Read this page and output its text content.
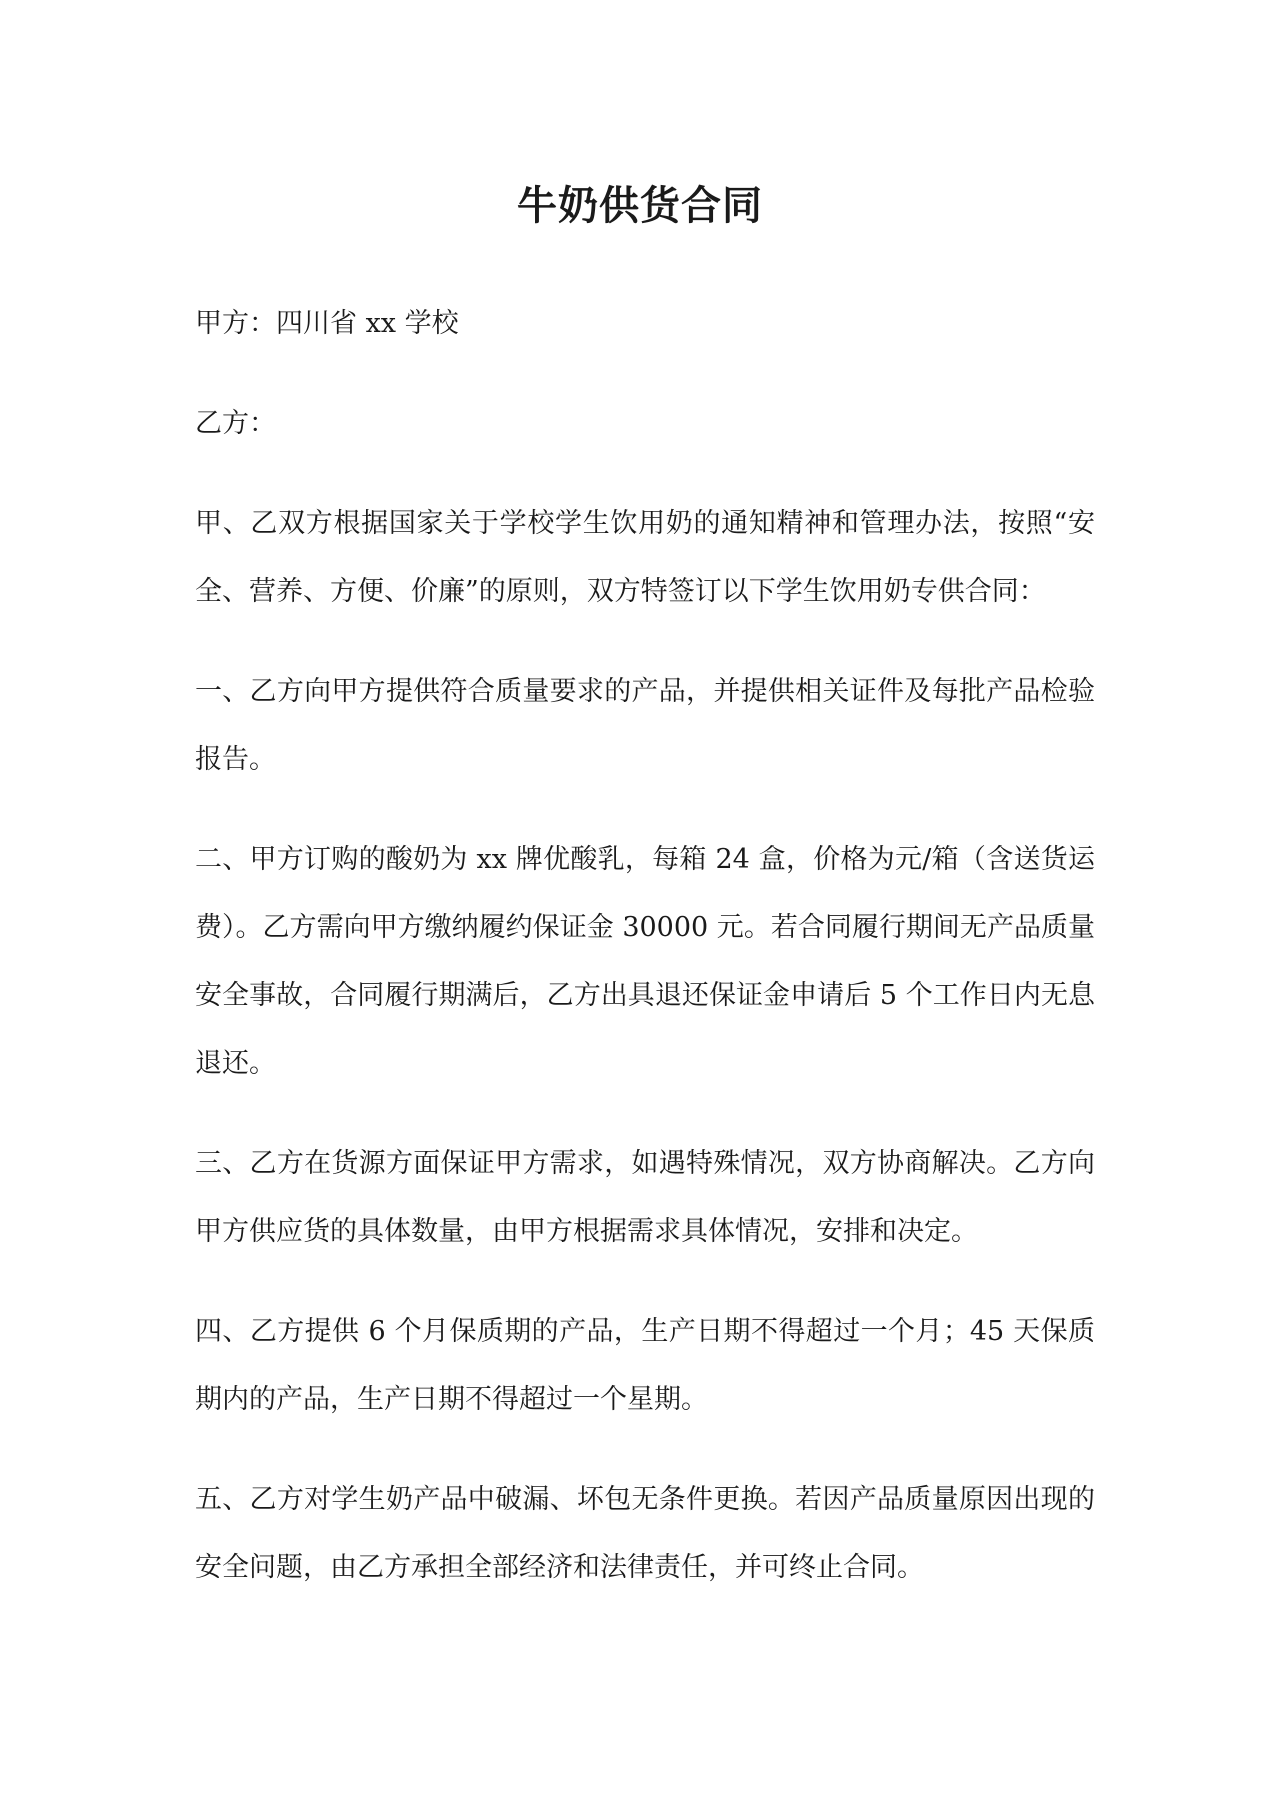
牛奶供货合同

甲方：四川省 xx 学校

乙方：

甲、乙双方根据国家关于学校学生饮用奶的通知精神和管理办法，按照“安全、营养、方便、价廉”的原则，双方特签订以下学生饮用奶专供合同：

一、乙方向甲方提供符合质量要求的产品，并提供相关证件及每批产品检验报告。

二、甲方订购的酸奶为 xx 牌优酸乳，每箱 24 盒，价格为元/箱（含送货运费）。乙方需向甲方缴纳履约保证金 30000 元。若合同履行期间无产品质量安全事故，合同履行期满后，乙方出具退还保证金申请后 5 个工作日内无息退还。

三、乙方在货源方面保证甲方需求，如遇特殊情况，双方协商解决。乙方向甲方供应货的具体数量，由甲方根据需求具体情况，安排和决定。

四、乙方提供 6 个月保质期的产品，生产日期不得超过一个月；45 天保质期内的产品，生产日期不得超过一个星期。

五、乙方对学生奶产品中破漏、坏包无条件更换。若因产品质量原因出现的安全问题，由乙方承担全部经济和法律责任，并可终止合同。
